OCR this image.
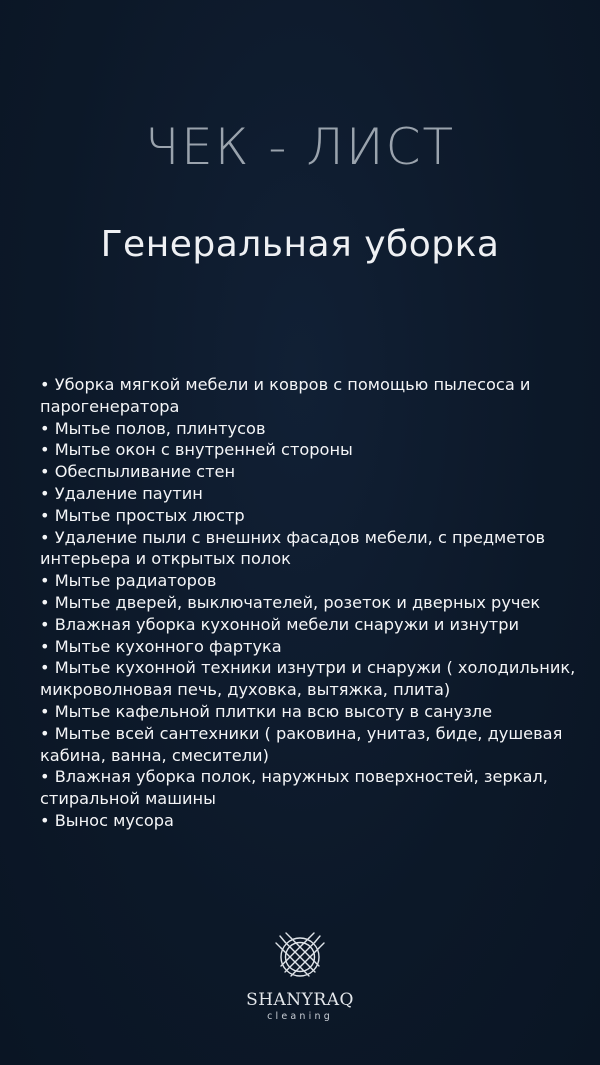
ЧЕК - ЛИСТ
Генеральная уборка
• Уборка мягкой мебели и ковров с помощью пылесоса и парогенератора
• Мытье полов, плинтусов
• Мытье окон с внутренней стороны
• Обеспыливание стен
• Удаление паутин
• Мытье простых люстр
• Удаление пыли с внешних фасадов мебели, с предметов интерьера и открытых полок
• Мытье радиаторов
• Мытье дверей, выключателей, розеток и дверных ручек
• Влажная уборка кухонной мебели снаружи и изнутри
• Мытье кухонного фартука
• Мытье кухонной техники изнутри и снаружи ( холодильник, микроволновая печь, духовка, вытяжка, плита)
• Мытье кафельной плитки на всю высоту в санузле
• Мытье всей сантехники ( раковина, унитаз, биде, душевая кабина, ванна, смесители)
• Влажная уборка полок, наружных поверхностей, зеркал, стиральной машины
• Вынос мусора
SHANYRAQ
cleaning
